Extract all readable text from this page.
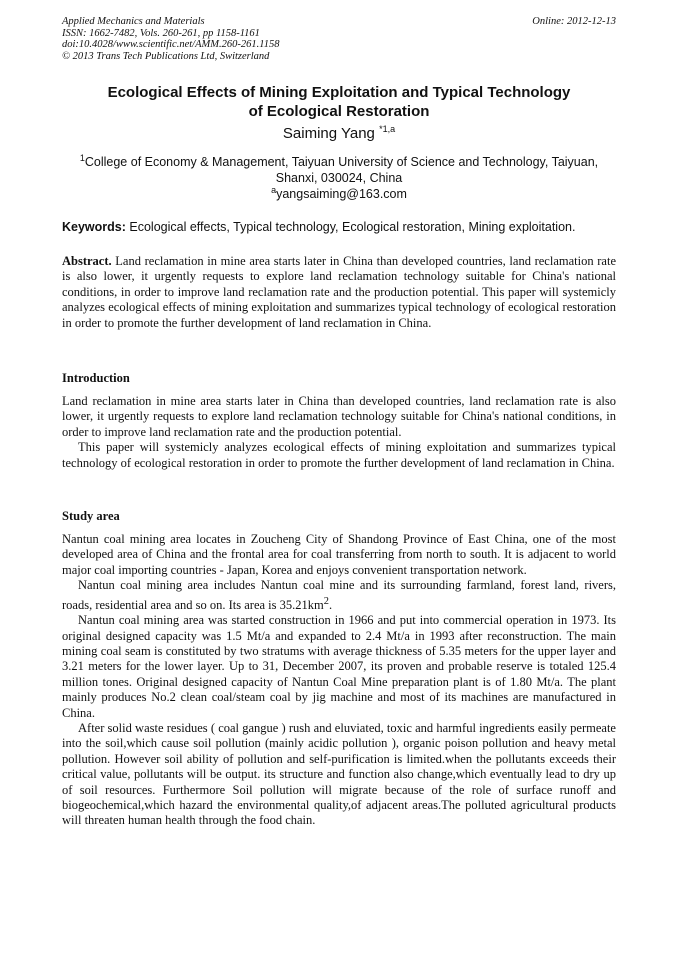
Applied Mechanics and Materials
ISSN: 1662-7482, Vols. 260-261, pp 1158-1161
doi:10.4028/www.scientific.net/AMM.260-261.1158
© 2013 Trans Tech Publications Ltd, Switzerland
Online: 2012-12-13
Ecological Effects of Mining Exploitation and Typical Technology
of Ecological Restoration
Saiming Yang $^{*1,a}$
$^1$College of Economy & Management, Taiyuan University of Science and Technology, Taiyuan, Shanxi, 030024, China
$^a$yangsaiming@163.com
Keywords: Ecological effects, Typical technology, Ecological restoration, Mining exploitation.
Abstract. Land reclamation in mine area starts later in China than developed countries, land reclamation rate is also lower, it urgently requests to explore land reclamation technology suitable for China's national conditions, in order to improve land reclamation rate and the production potential. This paper will systemicly analyzes ecological effects of mining exploitation and summarizes typical technology of ecological restoration in order to promote the further development of land reclamation in China.
Introduction

Land reclamation in mine area starts later in China than developed countries, land reclamation rate is also lower, it urgently requests to explore land reclamation technology suitable for China's national conditions, in order to improve land reclamation rate and the production potential.

This paper will systemicly analyzes ecological effects of mining exploitation and summarizes typical technology of ecological restoration in order to promote the further development of land reclamation in China.

Study area

Nantun coal mining area locates in Zoucheng City of Shandong Province of East China, one of the most developed area of China and the frontal area for coal transferring from north to south. It is adjacent to world major coal importing countries - Japan, Korea and enjoys convenient transportation network.

Nantun coal mining area includes Nantun coal mine and its surrounding farmland, forest land, rivers, roads, residential area and so on. Its area is $35.21km^2$.

Nantun coal mining area was started construction in 1966 and put into commercial operation in 1973. Its original designed capacity was 1.5 Mt/a and expanded to 2.4 Mt/a in 1993 after reconstruction. The main mining coal seam is constituted by two stratums with average thickness of 5.35 meters for the upper layer and 3.21 meters for the lower layer. Up to 31, December 2007, its proven and probable reserve is totaled 125.4 million tones. Original designed capacity of Nantun Coal Mine preparation plant is of 1.80 Mt/a. The plant mainly produces No.2 clean coal/steam coal by jig machine and most of its machines are manufactured in China.

After solid waste residues ( coal gangue ) rush and eluviated, toxic and harmful ingredients easily permeate into the soil,which cause soil pollution (mainly acidic pollution ), organic poison pollution and heavy metal pollution. However soil ability of pollution and self-purification is limited.when the pollutants exceeds their critical value, pollutants will be output. its structure and function also change,which eventually lead to dry up of soil resources. Furthermore Soil pollution will migrate because of the role of surface runoff and biogeochemical,which hazard the environmental quality,of adjacent areas.The polluted agricultural products will threaten human health through the food chain.
